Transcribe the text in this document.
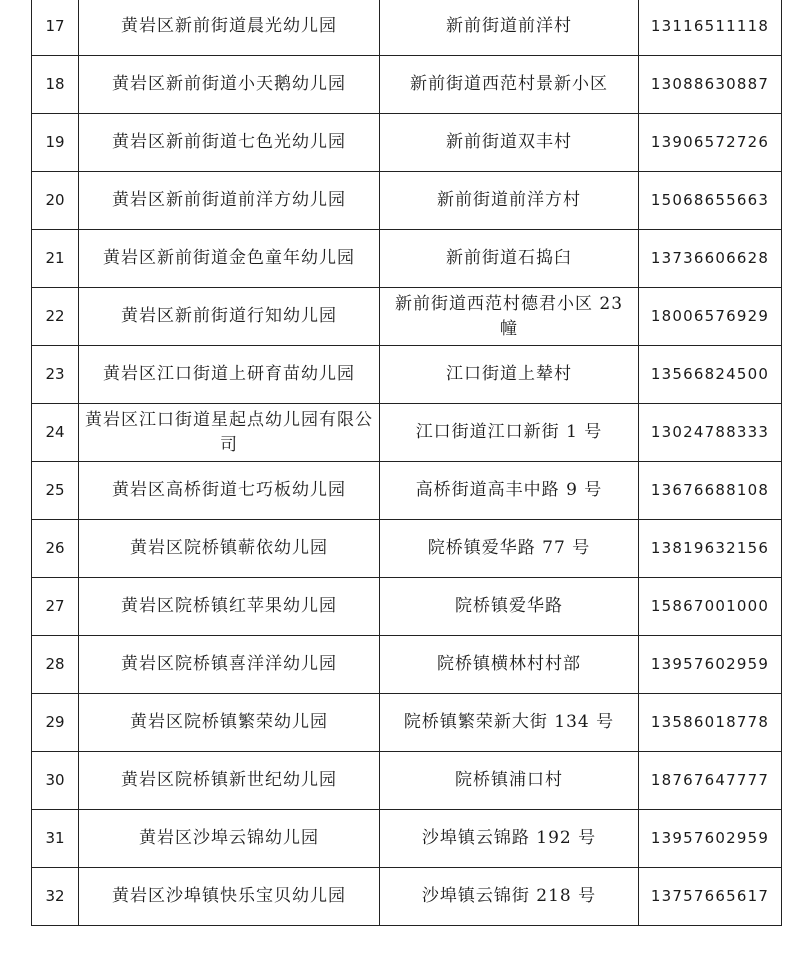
17	黄岩区新前街道晨光幼儿园	新前街道前洋村	13116511118
18	黄岩区新前街道小天鹅幼儿园	新前街道西范村景新小区	13088630887
19	黄岩区新前街道七色光幼儿园	新前街道双丰村	13906572726
20	黄岩区新前街道前洋方幼儿园	新前街道前洋方村	15068655663
21	黄岩区新前街道金色童年幼儿园	新前街道石捣臼	13736606628
22	黄岩区新前街道行知幼儿园	新前街道西范村德君小区 23 幢	18006576929
23	黄岩区江口街道上研育苗幼儿园	江口街道上辇村	13566824500
24	黄岩区江口街道星起点幼儿园有限公司	江口街道江口新街 1 号	13024788333
25	黄岩区高桥街道七巧板幼儿园	高桥街道高丰中路 9 号	13676688108
26	黄岩区院桥镇蕲依幼儿园	院桥镇爱华路 77 号	13819632156
27	黄岩区院桥镇红苹果幼儿园	院桥镇爱华路	15867001000
28	黄岩区院桥镇喜洋洋幼儿园	院桥镇横林村村部	13957602959
29	黄岩区院桥镇繁荣幼儿园	院桥镇繁荣新大街 134 号	13586018778
30	黄岩区院桥镇新世纪幼儿园	院桥镇浦口村	18767647777
31	黄岩区沙埠云锦幼儿园	沙埠镇云锦路 192 号	13957602959
32	黄岩区沙埠镇快乐宝贝幼儿园	沙埠镇云锦街 218 号	13757665617
